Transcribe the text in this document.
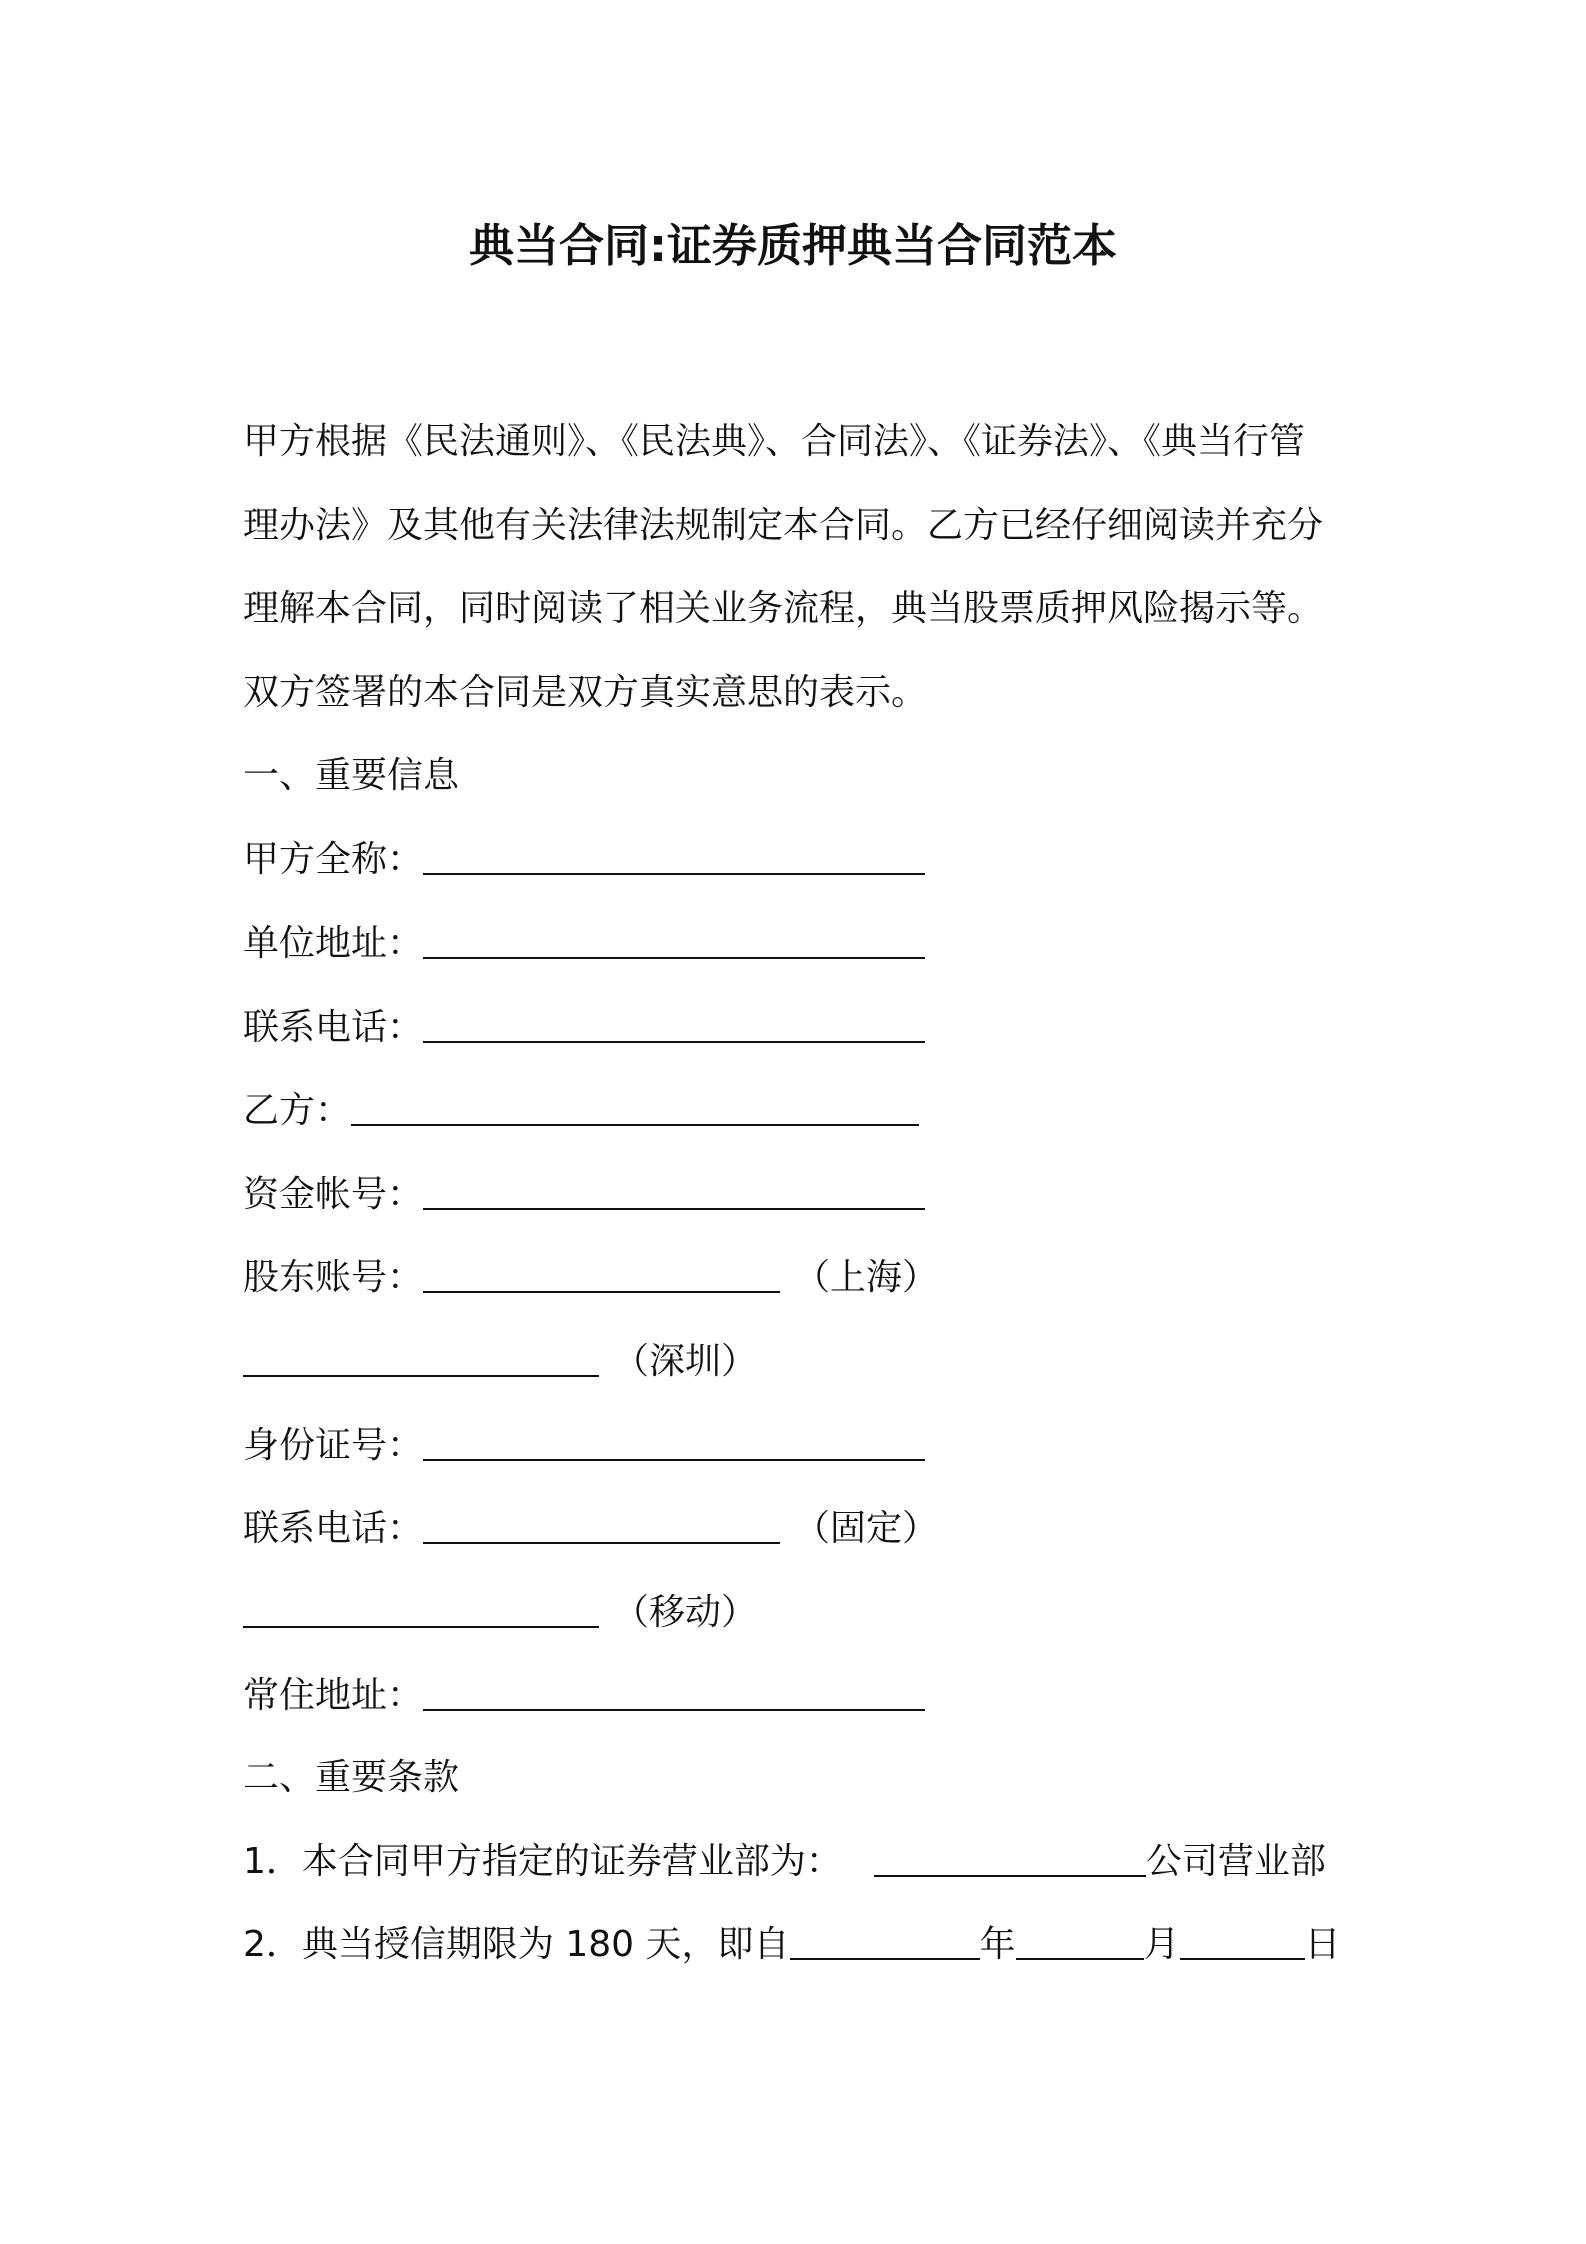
典当合同:证券质押典当合同范本
甲方根据《民法通则》、《民法典》、合同法》、《证券法》、《典当行管
理办法》及其他有关法律法规制定本合同。乙方已经仔细阅读并充分
理解本合同，同时阅读了相关业务流程，典当股票质押风险揭示等。
双方签署的本合同是双方真实意思的表示。
一、重要信息
甲方全称：
单位地址：
联系电话：
乙方：
资金帐号：
股东账号：	（上海）
（深圳）
身份证号：
联系电话：	（固定）
（移动）
常住地址：
二、重要条款
1．本合同甲方指定的证券营业部为：	公司营业部
2．典当授信期限为 180 天，即自	年	月	日
